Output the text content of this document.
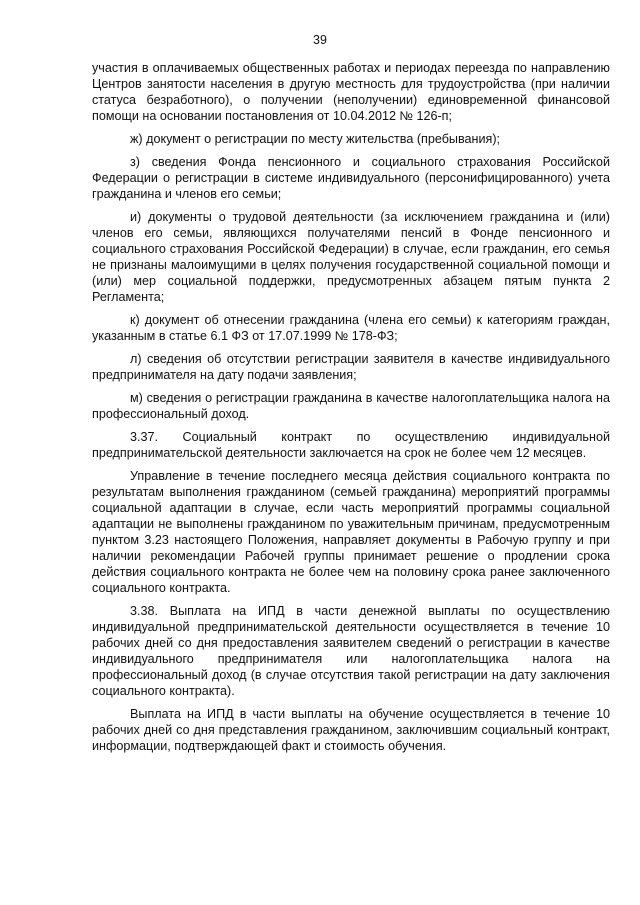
39

участия в оплачиваемых общественных работах и периодах переезда по направлению Центров занятости населения в другую местность для трудоустройства (при наличии статуса безработного), о получении (неполучении) единовременной финансовой помощи на основании постановления от 10.04.2012 № 126-п;

ж) документ о регистрации по месту жительства (пребывания);

з) сведения Фонда пенсионного и социального страхования Российской Федерации о регистрации в системе индивидуального (персонифицированного) учета гражданина и членов его семьи;

и) документы о трудовой деятельности (за исключением гражданина и (или) членов его семьи, являющихся получателями пенсий в Фонде пенсионного и социального страхования Российской Федерации) в случае, если гражданин, его семья не признаны малоимущими в целях получения государственной социальной помощи и (или) мер социальной поддержки, предусмотренных абзацем пятым пункта 2 Регламента;

к) документ об отнесении гражданина (члена его семьи) к категориям граждан, указанным в статье 6.1 ФЗ от 17.07.1999 № 178-ФЗ;

л) сведения об отсутствии регистрации заявителя в качестве индивидуального предпринимателя на дату подачи заявления;

м) сведения о регистрации гражданина в качестве налогоплательщика налога на профессиональный доход.

3.37. Социальный контракт по осуществлению индивидуальной предпринимательской деятельности заключается на срок не более чем 12 месяцев.

Управление в течение последнего месяца действия социального контракта по результатам выполнения гражданином (семьей гражданина) мероприятий программы социальной адаптации в случае, если часть мероприятий программы социальной адаптации не выполнены гражданином по уважительным причинам, предусмотренным пунктом 3.23 настоящего Положения, направляет документы в Рабочую группу и при наличии рекомендации Рабочей группы принимает решение о продлении срока действия социального контракта не более чем на половину срока ранее заключенного социального контракта.

3.38. Выплата на ИПД в части денежной выплаты по осуществлению индивидуальной предпринимательской деятельности осуществляется в течение 10 рабочих дней со дня предоставления заявителем сведений о регистрации в качестве индивидуального предпринимателя или налогоплательщика налога на профессиональный доход (в случае отсутствия такой регистрации на дату заключения социального контракта).

Выплата на ИПД в части выплаты на обучение осуществляется в течение 10 рабочих дней со дня представления гражданином, заключившим социальный контракт, информации, подтверждающей факт и стоимость обучения.
